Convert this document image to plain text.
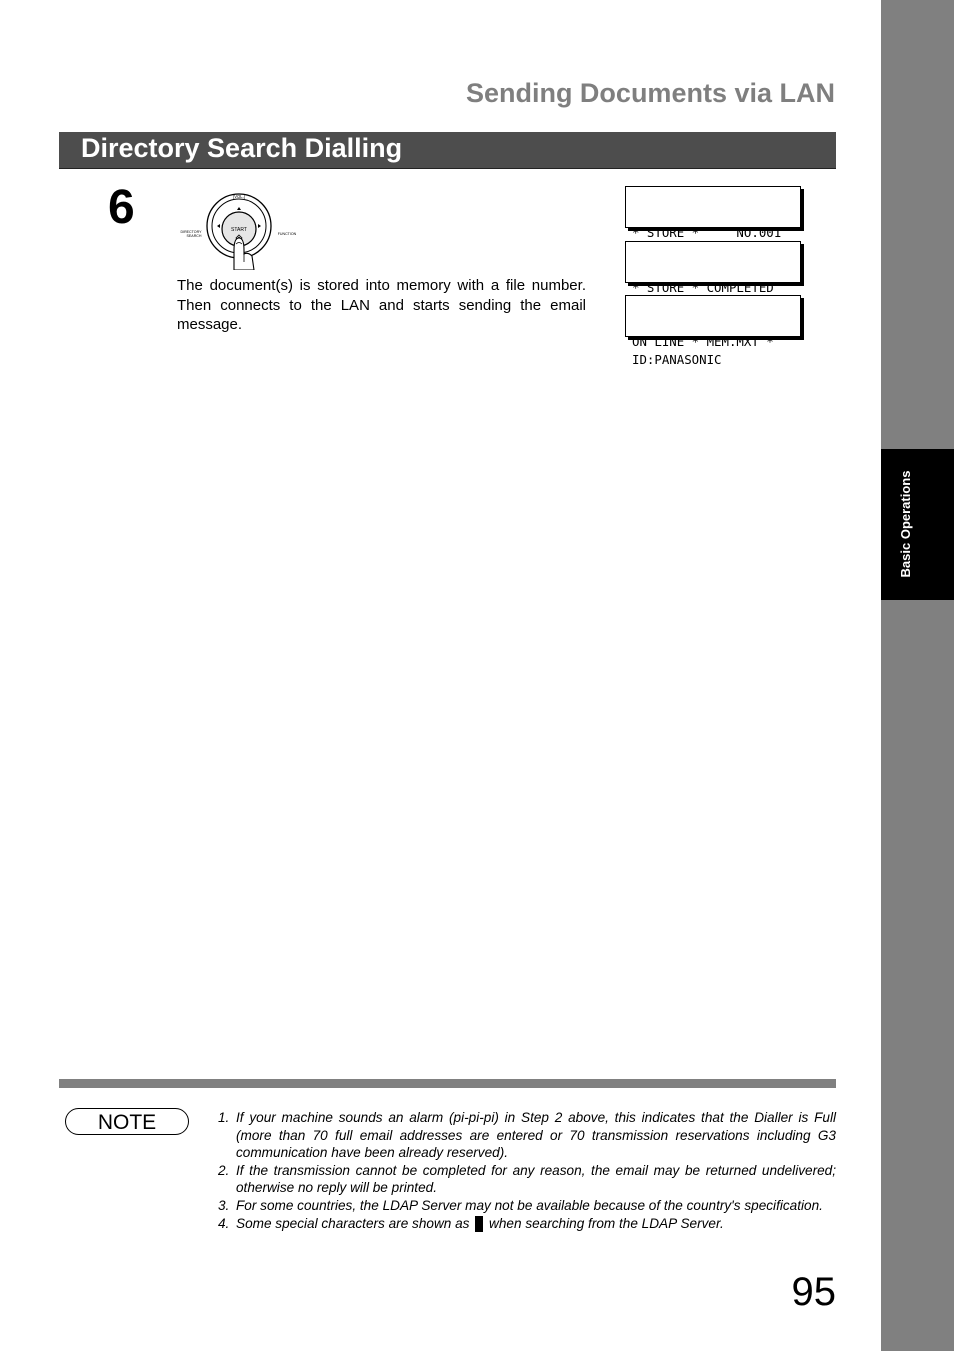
Basic Operations
Sending Documents via LAN
Directory Search Dialling
6	START
[VOL.]
DIRECTORY
SEARCH	FUNCTION
The document(s) is stored into memory with a file number. Then connects to the LAN and starts sending the email message.

* STORE *     NO.001

* STORE * COMPLETED

ON LINE * MEM.MXT *
ID:PANASONIC

NOTE	1. If your machine sounds an alarm (pi-pi-pi) in Step 2 above, this indicates that the Dialler is Full (more than 70 full email addresses are entered or 70 transmission reservations including G3 communication have been already reserved).
2. If the transmission cannot be completed for any reason, the email may be returned undelivered; otherwise no reply will be printed.
3. For some countries, the LDAP Server may not be available because of the country's specification.
4. Some special characters are shown as when searching from the LDAP Server.
95
